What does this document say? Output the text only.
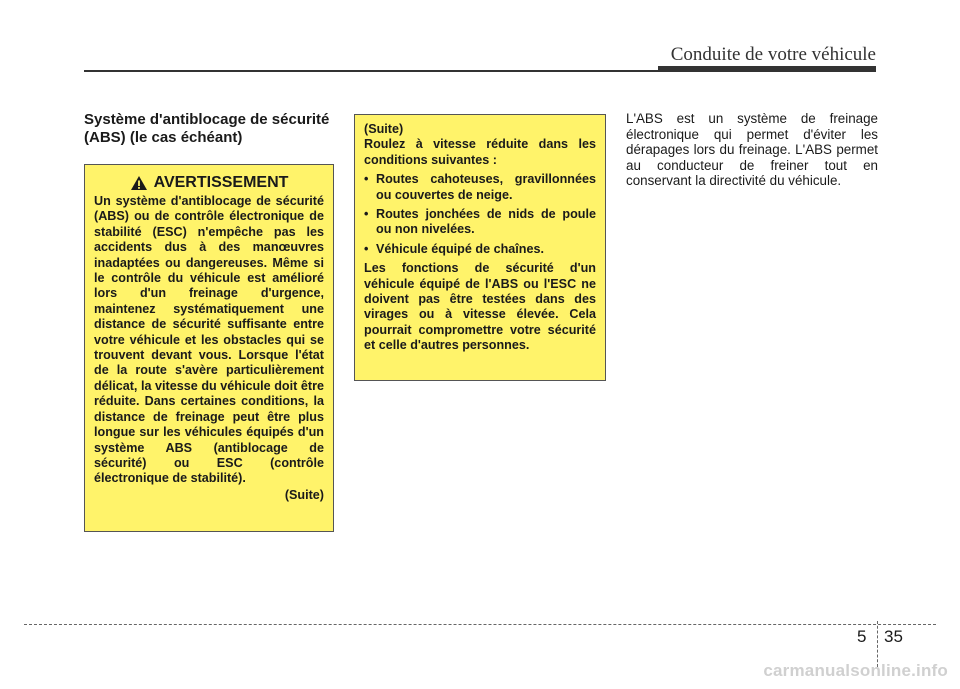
Conduite de votre véhicule
Système d'antiblocage de sécurité (ABS) (le cas échéant)
AVERTISSEMENT
Un système d'antiblocage de sécurité (ABS) ou de contrôle électronique de stabilité (ESC) n'empêche pas les accidents dus à des manœuvres inadaptées ou dangereuses. Même si le contrôle du véhicule est amélioré lors d'un freinage d'urgence, maintenez systématiquement une distance de sécurité suffisante entre votre véhicule et les obstacles qui se trouvent devant vous. Lorsque l'état de la route s'avère particulièrement délicat, la vitesse du véhicule doit être réduite. Dans certaines conditions, la distance de freinage peut être plus longue sur les véhicules équipés d'un système ABS (antiblocage de sécurité) ou ESC (contrôle électronique de stabilité).
(Suite)

(Suite)

Roulez à vitesse réduite dans les conditions suivantes :

• Routes cahoteuses, gravillonnées ou couvertes de neige.
• Routes jonchées de nids de poule ou non nivelées.
• Véhicule équipé de chaînes.

Les fonctions de sécurité d'un véhicule équipé de l'ABS ou l'ESC ne doivent pas être testées dans des virages ou à vitesse élevée. Cela pourrait compromettre votre sécurité et celle d'autres personnes.

L'ABS est un système de freinage électronique qui permet d'éviter les dérapages lors du freinage. L'ABS permet au conducteur de freiner tout en conservant la directivité du véhicule.
5 35
carmanualsonline.info
